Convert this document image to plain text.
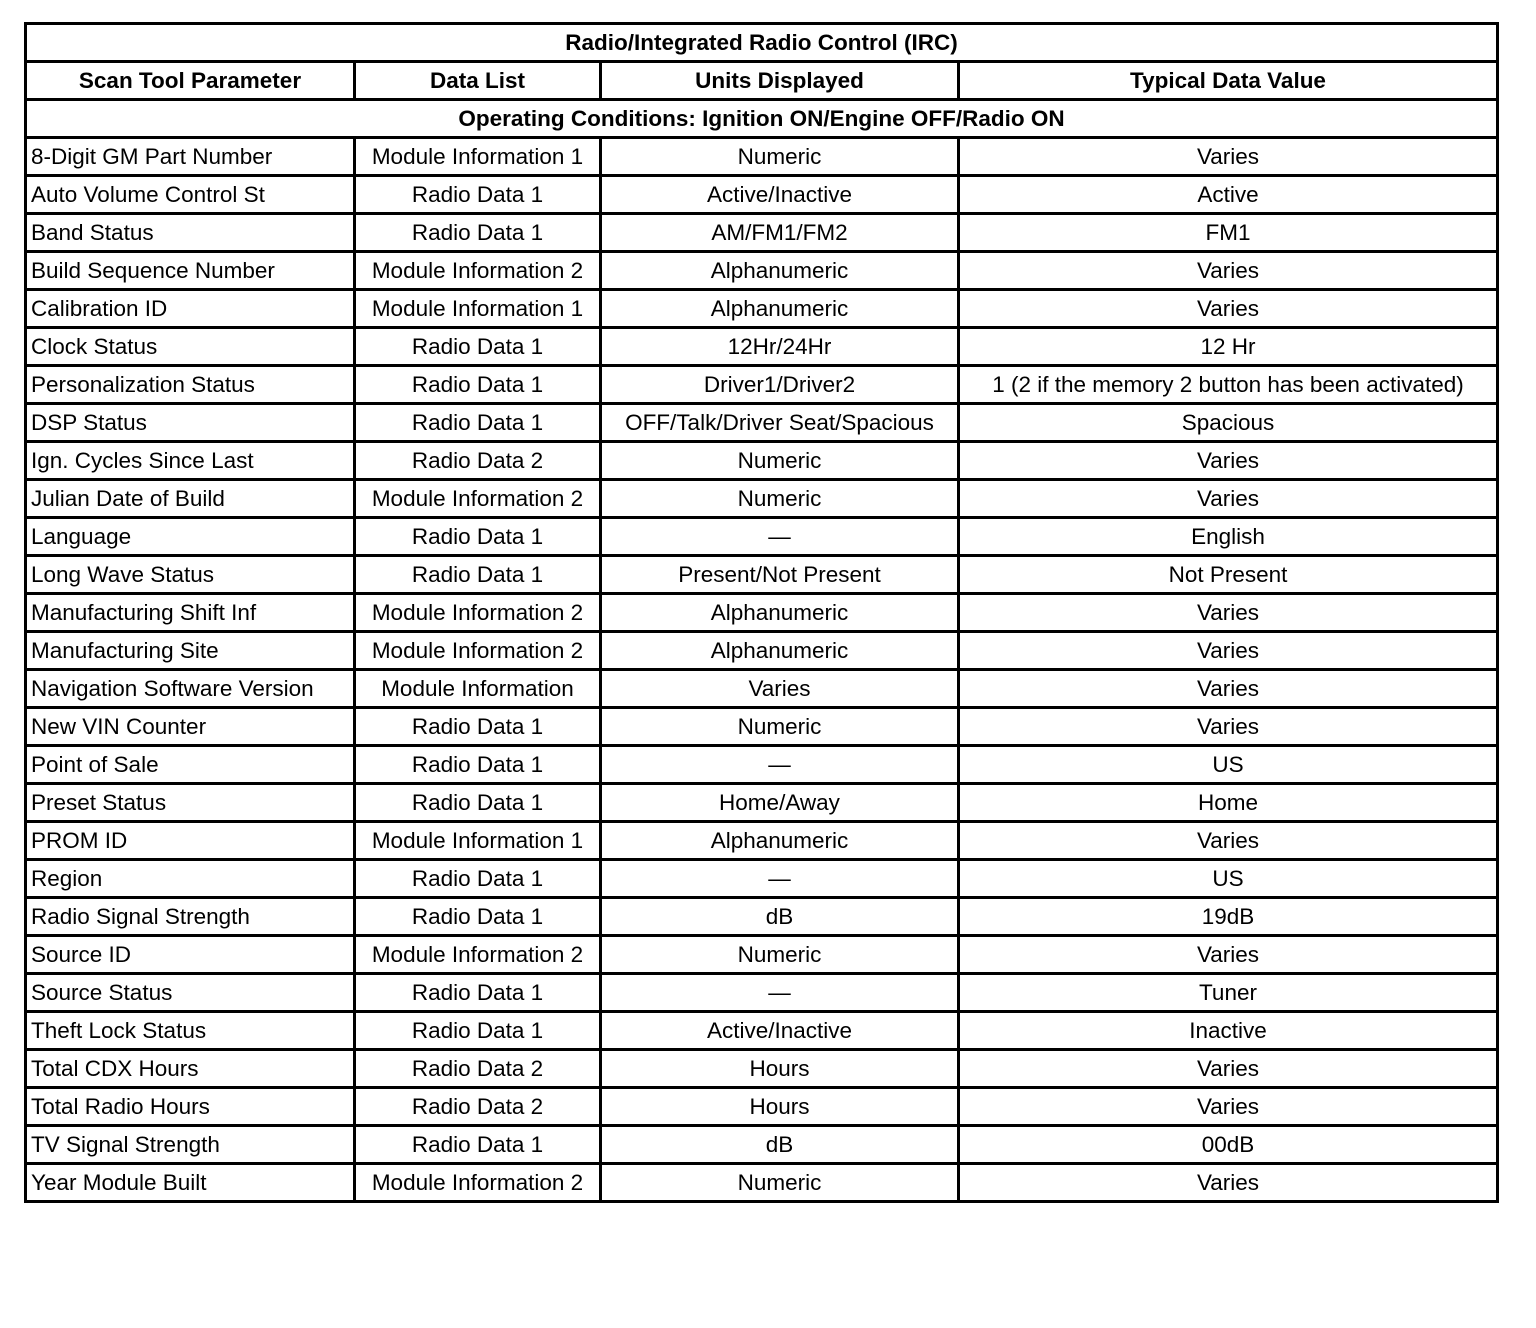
Radio/Integrated Radio Control (IRC)			
Scan Tool Parameter	Data List	Units Displayed	Typical Data Value
Operating Conditions: Ignition ON/Engine OFF/Radio ON			
8-Digit GM Part Number	Module Information 1	Numeric	Varies
Auto Volume Control St	Radio Data 1	Active/Inactive	Active
Band Status	Radio Data 1	AM/FM1/FM2	FM1
Build Sequence Number	Module Information 2	Alphanumeric	Varies
Calibration ID	Module Information 1	Alphanumeric	Varies
Clock Status	Radio Data 1	12Hr/24Hr	12 Hr
Personalization Status	Radio Data 1	Driver1/Driver2	1 (2 if the memory 2 button has been activated)
DSP Status	Radio Data 1	OFF/Talk/Driver Seat/Spacious	Spacious
Ign. Cycles Since Last	Radio Data 2	Numeric	Varies
Julian Date of Build	Module Information 2	Numeric	Varies
Language	Radio Data 1	—	English
Long Wave Status	Radio Data 1	Present/Not Present	Not Present
Manufacturing Shift Inf	Module Information 2	Alphanumeric	Varies
Manufacturing Site	Module Information 2	Alphanumeric	Varies
Navigation Software Version	Module Information	Varies	Varies
New VIN Counter	Radio Data 1	Numeric	Varies
Point of Sale	Radio Data 1	—	US
Preset Status	Radio Data 1	Home/Away	Home
PROM ID	Module Information 1	Alphanumeric	Varies
Region	Radio Data 1	—	US
Radio Signal Strength	Radio Data 1	dB	19dB
Source ID	Module Information 2	Numeric	Varies
Source Status	Radio Data 1	—	Tuner
Theft Lock Status	Radio Data 1	Active/Inactive	Inactive
Total CDX Hours	Radio Data 2	Hours	Varies
Total Radio Hours	Radio Data 2	Hours	Varies
TV Signal Strength	Radio Data 1	dB	00dB
Year Module Built	Module Information 2	Numeric	Varies
